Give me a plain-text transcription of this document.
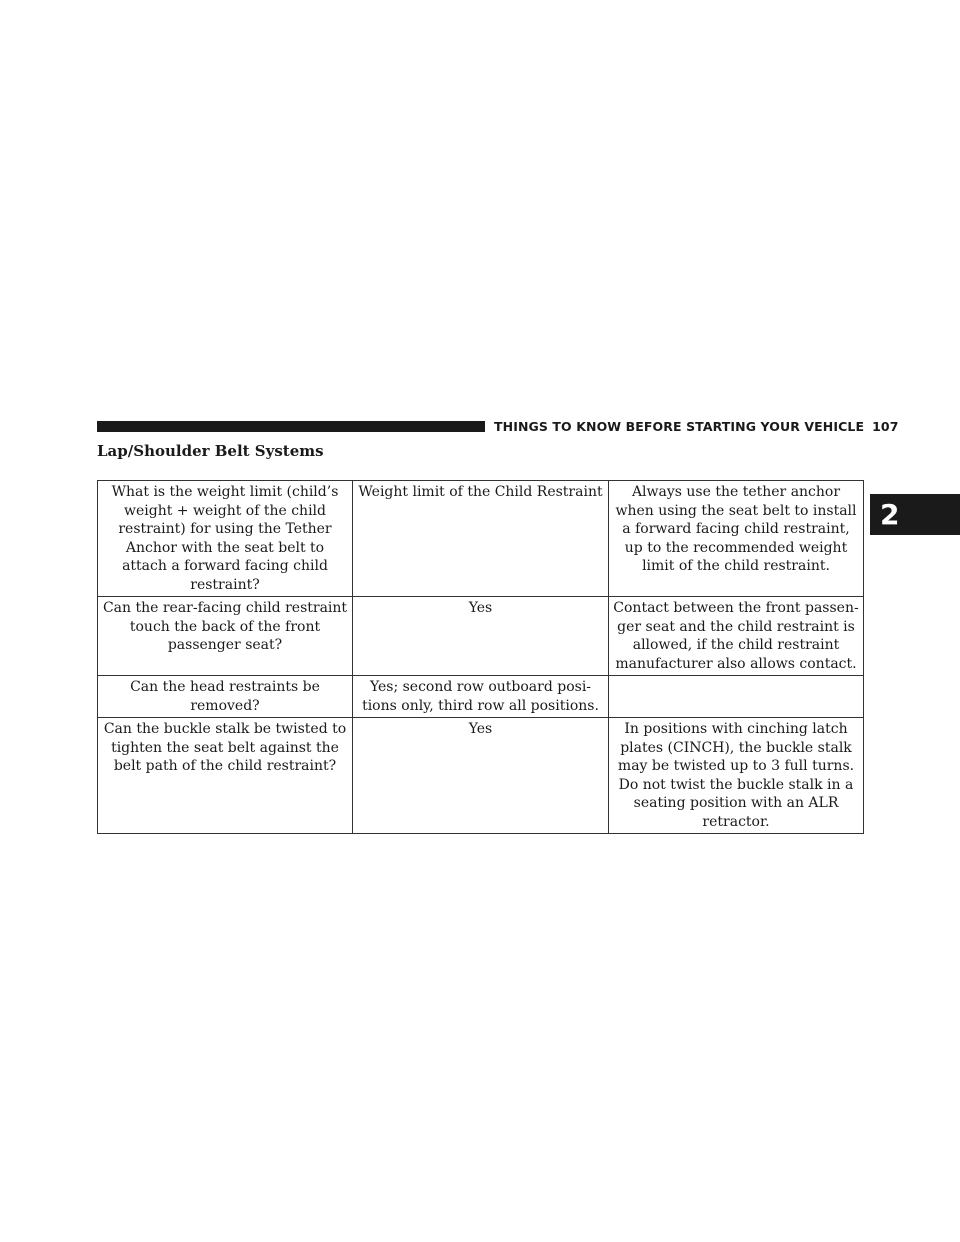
THINGS TO KNOW BEFORE STARTING YOUR VEHICLE 107
2
Lap/Shoulder Belt Systems
What is the weight limit (child’s weight + weight of the child restraint) for using the Tether Anchor with the seat belt to attach a forward facing child restraint?	Weight limit of the Child Restraint	Always use the tether anchor when using the seat belt to install a forward facing child restraint, up to the recommended weight limit of the child restraint.
Can the rear-facing child restraint touch the back of the front passenger seat?	Yes	Contact between the front passen- ger seat and the child restraint is allowed, if the child restraint manufacturer also allows contact.
Can the head restraints be removed?	Yes; second row outboard posi- tions only, third row all positions.	
Can the buckle stalk be twisted to tighten the seat belt against the belt path of the child restraint?	Yes	In positions with cinching latch plates (CINCH), the buckle stalk may be twisted up to 3 full turns. Do not twist the buckle stalk in a seating position with an ALR retractor.
